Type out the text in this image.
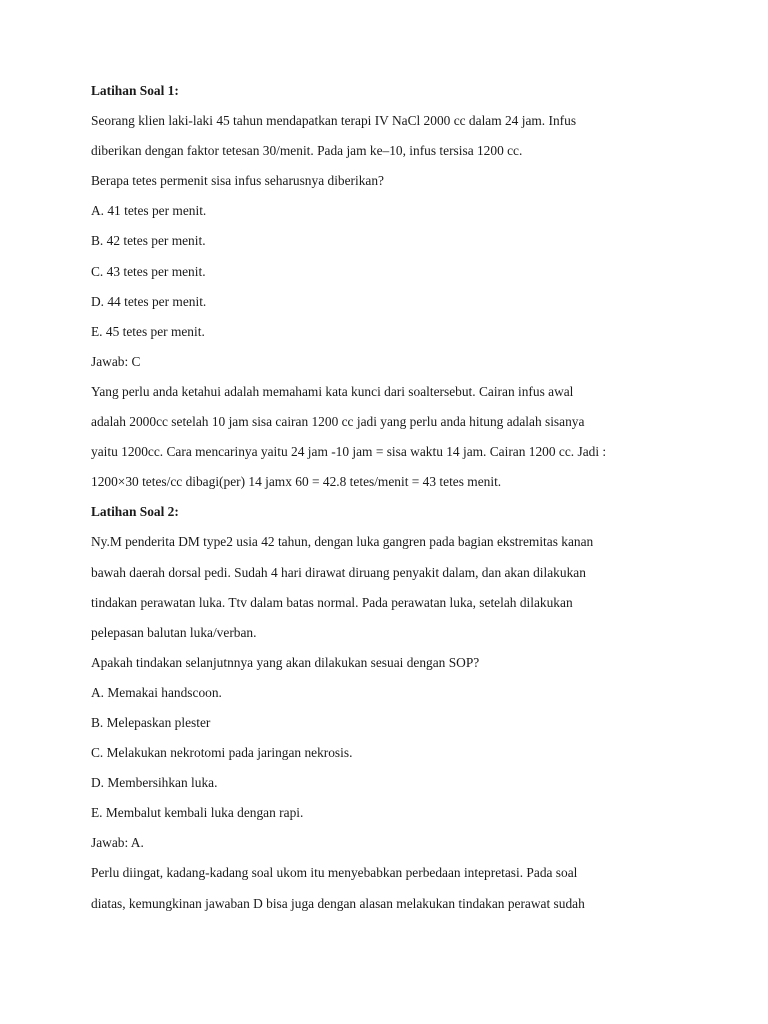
Latihan Soal 1:
Seorang klien laki-laki 45 tahun mendapatkan terapi IV NaCl 2000 cc dalam 24 jam. Infus
diberikan dengan faktor tetesan 30/menit. Pada jam ke–10, infus tersisa 1200 cc.
Berapa tetes permenit sisa infus seharusnya diberikan?
A. 41 tetes per menit.
B. 42 tetes per menit.
C. 43 tetes per menit.
D. 44 tetes per menit.
E. 45 tetes per menit.
Jawab: C
Yang perlu anda ketahui adalah memahami kata kunci dari soaltersebut. Cairan infus awal
adalah 2000cc setelah 10 jam sisa cairan 1200 cc jadi yang perlu anda hitung adalah sisanya
yaitu 1200cc. Cara mencarinya yaitu 24 jam -10 jam = sisa waktu 14 jam. Cairan 1200 cc. Jadi :
1200×30 tetes/cc dibagi(per) 14 jamx 60 = 42.8 tetes/menit = 43 tetes menit.
Latihan Soal 2:
Ny.M penderita DM type2 usia 42 tahun, dengan luka gangren pada bagian ekstremitas kanan
bawah daerah dorsal pedi. Sudah 4 hari dirawat diruang penyakit dalam, dan akan dilakukan
tindakan perawatan luka. Ttv dalam batas normal. Pada perawatan luka, setelah dilakukan
pelepasan balutan luka/verban.
Apakah tindakan selanjutnnya yang akan dilakukan sesuai dengan SOP?
A. Memakai handscoon.
B. Melepaskan plester
C. Melakukan nekrotomi pada jaringan nekrosis.
D. Membersihkan luka.
E. Membalut kembali luka dengan rapi.
Jawab: A.
Perlu diingat, kadang-kadang soal ukom itu menyebabkan perbedaan intepretasi. Pada soal
diatas, kemungkinan jawaban D bisa juga dengan alasan melakukan tindakan perawat sudah
